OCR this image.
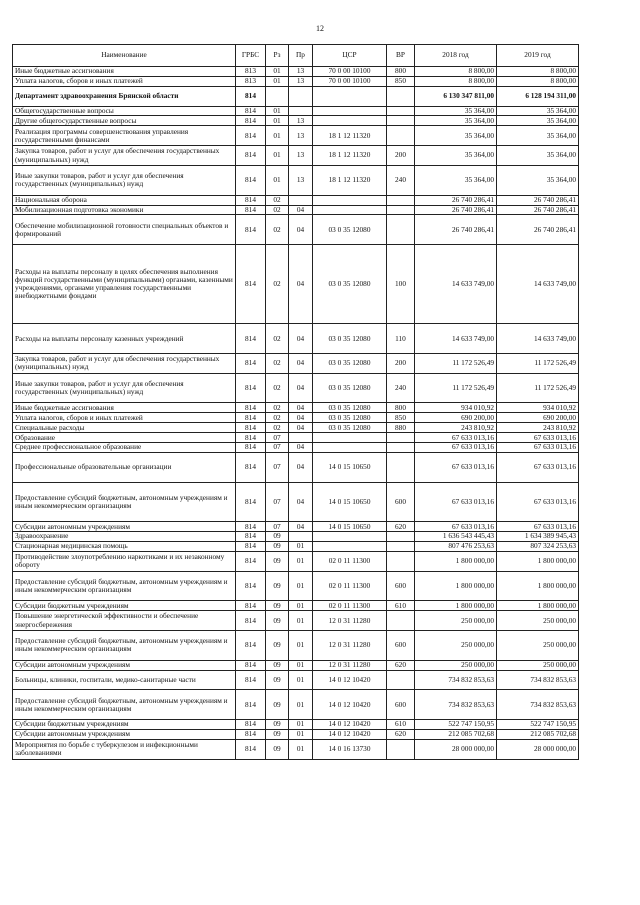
12
Наименование	ГРБС	Рз	Пр	ЦСР	ВР	2018 год	2019 год
Иные бюджетные ассигнования	813	01	13	70 0 00 10100	800	8 800,00	8 800,00
Уплата налогов, сборов и иных платежей	813	01	13	70 0 00 10100	850	8 800,00	8 800,00
Департамент здравоохранения Брянской области	814					6 130 347 811,00	6 128 194 311,00
Общегосударственные вопросы	814	01				35 364,00	35 364,00
Другие общегосударственные вопросы	814	01	13			35 364,00	35 364,00
Реализация программы совершенствования управления государственными финансами	814	01	13	18 1 12 11320		35 364,00	35 364,00
Закупка товаров, работ и услуг для обеспечения государственных (муниципальных) нужд	814	01	13	18 1 12 11320	200	35 364,00	35 364,00
Иные закупки товаров, работ и услуг для обеспечения государственных (муниципальных) нужд	814	01	13	18 1 12 11320	240	35 364,00	35 364,00
Национальная оборона	814	02				26 740 286,41	26 740 286,41
Мобилизационная подготовка экономики	814	02	04			26 740 286,41	26 740 286,41
Обеспечение мобилизационной готовности специальных объектов и формирований	814	02	04	03 0 35 12080		26 740 286,41	26 740 286,41
Расходы на выплаты персоналу в целях обеспечения выполнения функций государственными (муниципальными) органами, казенными учреждениями, органами управления государственными внебюджетными фондами	814	02	04	03 0 35 12080	100	14 633 749,00	14 633 749,00
Расходы на выплаты персоналу казенных учреждений	814	02	04	03 0 35 12080	110	14 633 749,00	14 633 749,00
Закупка товаров, работ и услуг для обеспечения государственных (муниципальных) нужд	814	02	04	03 0 35 12080	200	11 172 526,49	11 172 526,49
Иные закупки товаров, работ и услуг для обеспечения государственных (муниципальных) нужд	814	02	04	03 0 35 12080	240	11 172 526,49	11 172 526,49
Иные бюджетные ассигнования	814	02	04	03 0 35 12080	800	934 010,92	934 010,92
Уплата налогов, сборов и иных платежей	814	02	04	03 0 35 12080	850	690 200,00	690 200,00
Специальные расходы	814	02	04	03 0 35 12080	880	243 810,92	243 810,92
Образование	814	07				67 633 013,16	67 633 013,16
Среднее профессиональное образование	814	07	04			67 633 013,16	67 633 013,16
Профессиональные образовательные организации	814	07	04	14 0 15 10650		67 633 013,16	67 633 013,16
Предоставление субсидий бюджетным, автономным учреждениям и иным некоммерческим организациям	814	07	04	14 0 15 10650	600	67 633 013,16	67 633 013,16
Субсидии автономным учреждениям	814	07	04	14 0 15 10650	620	67 633 013,16	67 633 013,16
Здравоохранение	814	09				1 636 543 445,43	1 634 389 945,43
Стационарная медицинская помощь	814	09	01			807 476 253,63	807 324 253,63
Противодействие злоупотреблению наркотиками и их незаконному обороту	814	09	01	02 0 11 11300		1 800 000,00	1 800 000,00
Предоставление субсидий бюджетным, автономным учреждениям и иным некоммерческим организациям	814	09	01	02 0 11 11300	600	1 800 000,00	1 800 000,00
Субсидии бюджетным учреждениям	814	09	01	02 0 11 11300	610	1 800 000,00	1 800 000,00
Повышение энергетической эффективности и обеспечение энергосбережения	814	09	01	12 0 31 11280		250 000,00	250 000,00
Предоставление субсидий бюджетным, автономным учреждениям и иным некоммерческим организациям	814	09	01	12 0 31 11280	600	250 000,00	250 000,00
Субсидии автономным учреждениям	814	09	01	12 0 31 11280	620	250 000,00	250 000,00
Больницы, клиники, госпитали, медико-санитарные части	814	09	01	14 0 12 10420		734 832 853,63	734 832 853,63
Предоставление субсидий бюджетным, автономным учреждениям и иным некоммерческим организациям	814	09	01	14 0 12 10420	600	734 832 853,63	734 832 853,63
Субсидии бюджетным учреждениям	814	09	01	14 0 12 10420	610	522 747 150,95	522 747 150,95
Субсидии автономным учреждениям	814	09	01	14 0 12 10420	620	212 085 702,68	212 085 702,68
Мероприятия по борьбе с туберкулезом и инфекционными заболеваниями	814	09	01	14 0 16 13730		28 000 000,00	28 000 000,00
